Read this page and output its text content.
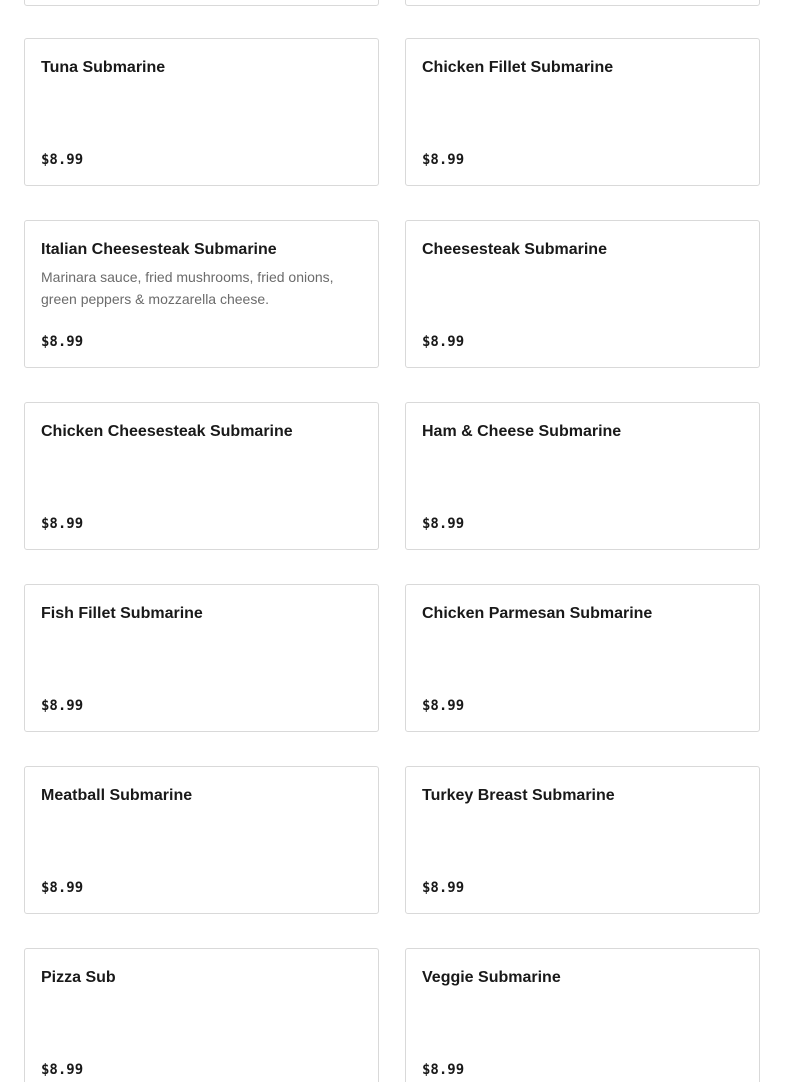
Tuna Submarine
$8.99
Chicken Fillet Submarine
$8.99
Italian Cheesesteak Submarine
Marinara sauce, fried mushrooms, fried onions, green peppers & mozzarella cheese.
$8.99
Cheesesteak Submarine
$8.99
Chicken Cheesesteak Submarine
$8.99
Ham & Cheese Submarine
$8.99
Fish Fillet Submarine
$8.99
Chicken Parmesan Submarine
$8.99
Meatball Submarine
$8.99
Turkey Breast Submarine
$8.99
Pizza Sub
$8.99
Veggie Submarine
$8.99
